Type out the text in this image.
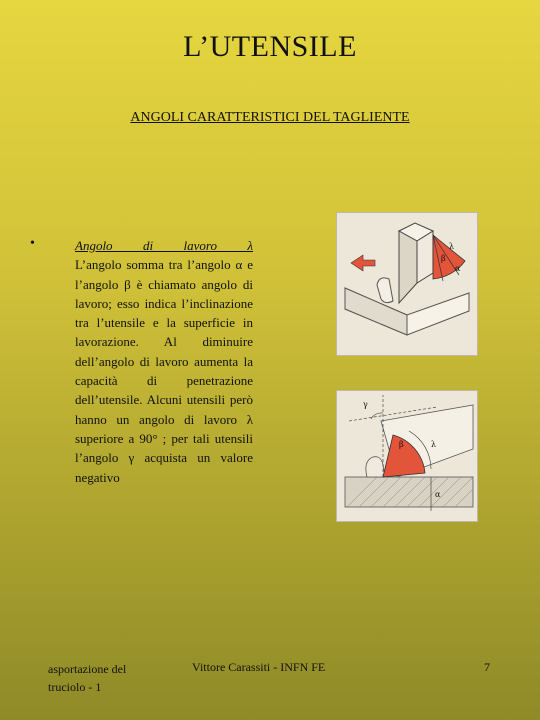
L’UTENSILE
ANGOLI CARATTERISTICI DEL TAGLIENTE
•	Angolo di lavoro λ
L’angolo somma tra l’angolo α e l’angolo β è chiamato angolo di lavoro; esso indica l’inclinazione tra l’utensile e la superficie in lavorazione. Al diminuire dell’angolo di lavoro aumenta la capacità di penetrazione dell’utensile. Alcuni utensili però hanno un angolo di lavoro λ superiore a 90° ; per tali utensili l’angolo γ acquista un valore negativo
λ
β
α
γ
β	λ
α
asportazione del truciolo - 1
Vittore Carassiti - INFN FE	7
